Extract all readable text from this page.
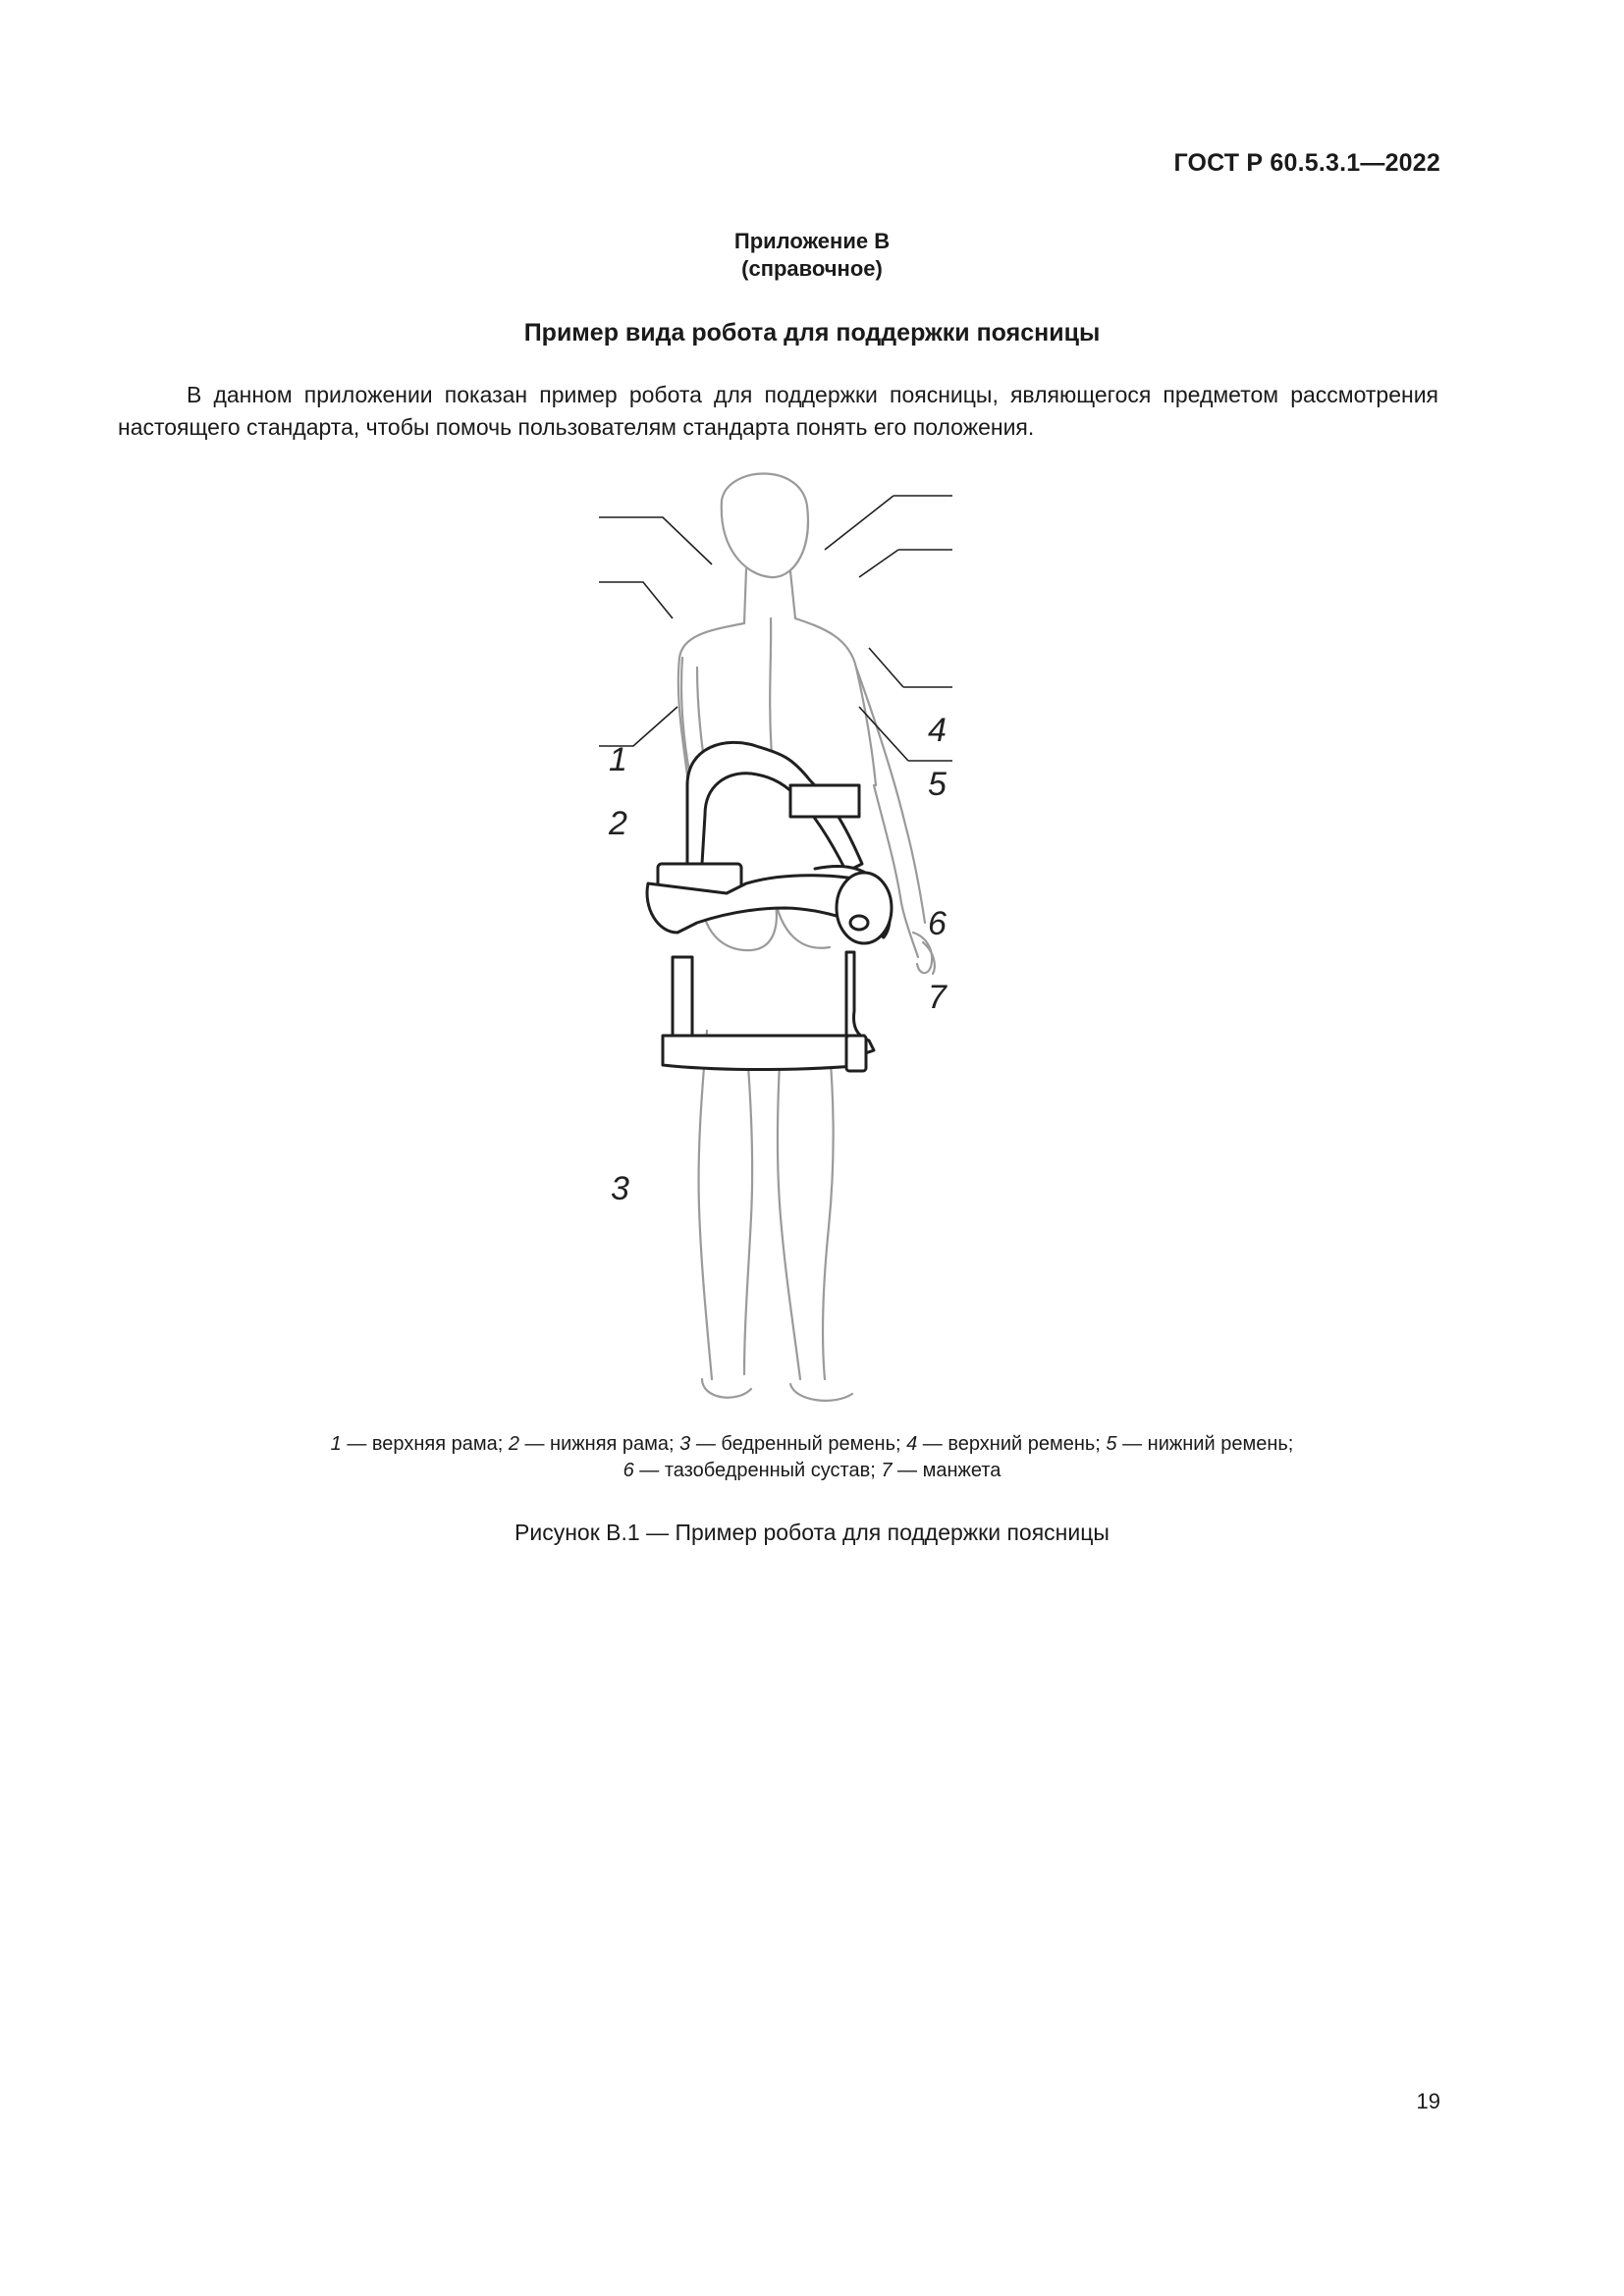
ГОСТ Р 60.5.3.1—2022
Приложение В
(справочное)
Пример вида робота для поддержки поясницы

В данном приложении показан пример робота для поддержки поясницы, являющегося предметом рассмотрения настоящего стандарта, чтобы помочь пользователям стандарта понять его положения.

1
2
3
4
5
6
7
1 — верхняя рама; 2 — нижняя рама; 3 — бедренный ремень; 4 — верхний ремень; 5 — нижний ремень;
6 — тазобедренный сустав; 7 — манжета
Рисунок В.1 — Пример робота для поддержки поясницы
19
